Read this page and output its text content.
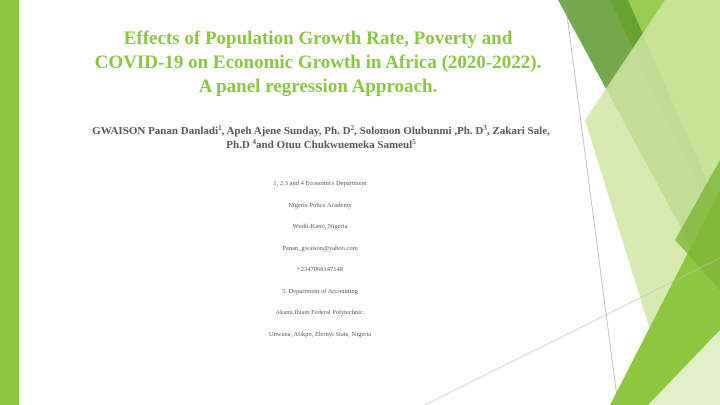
Effects of Population Growth Rate, Poverty and COVID-19 on Economic Growth in Africa (2020-2022). A panel regression Approach.

GWAISON Panan Danladi$^1$, Apeh Ajene Sunday, Ph. $D^2$, Solomon Olubunmi ,Ph. $D^3$, Zakari Sale, Ph.D $^4$and Otuu Chukwuemeka Sameul$^5$

1, 2,3 and 4 Economics Department
Nigeria Police Academy
Wudil-Kano, Nigeria
Panan_gwaison@yahoo.com
+2347068147148
5. Department of Accounting
Akanu Ibiam Federal Polytechnic.
Unwana, Afikpo, Ebonyi State, Nigeria
